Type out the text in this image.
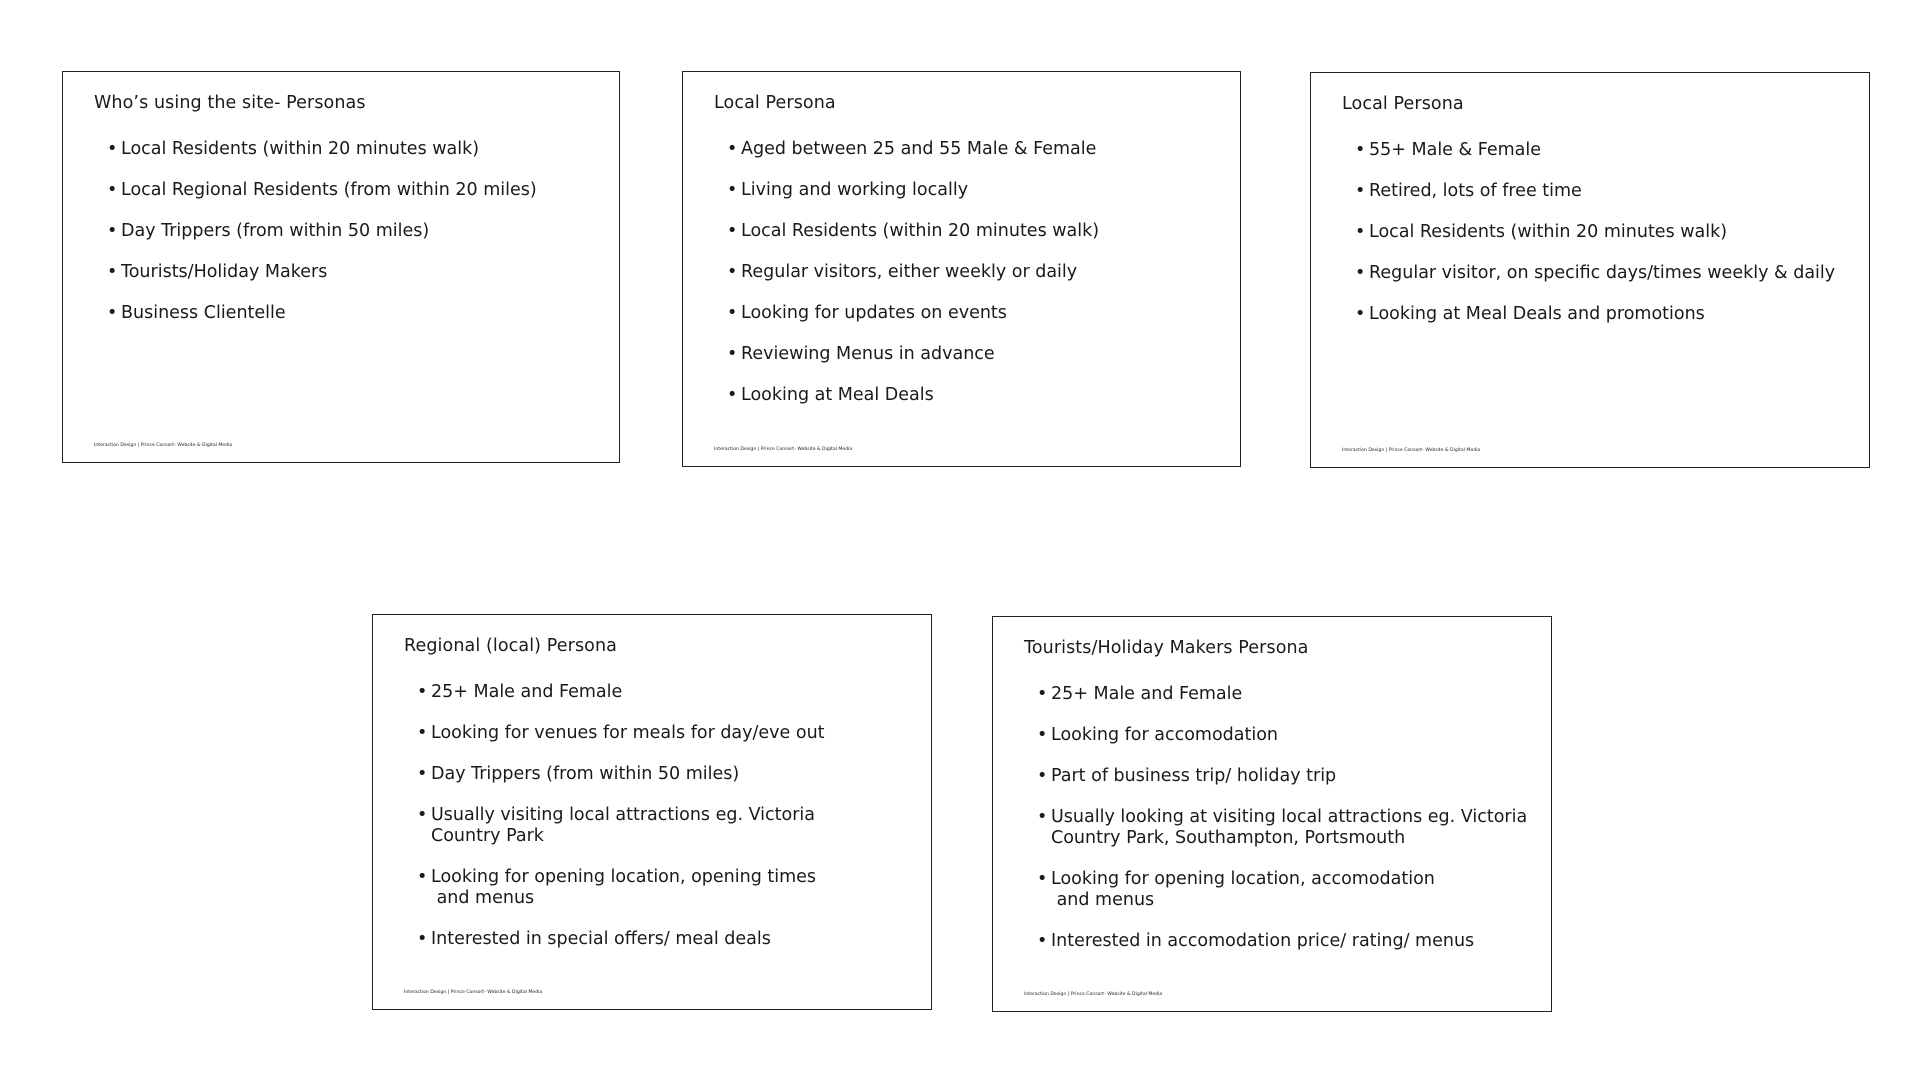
Who’s using the site- Personas
• Local Residents (within 20 minutes walk)
• Local Regional Residents (from within 20 miles)
• Day Trippers (from within 50 miles)
• Tourists/Holiday Makers
• Business Clientelle
Interaction Design | Prince Consort- Website & Digital Media
Local Persona
• Aged between 25 and 55 Male & Female
• Living and working locally
• Local Residents (within 20 minutes walk)
• Regular visitors, either weekly or daily
• Looking for updates on events
• Reviewing Menus in advance
• Looking at Meal Deals
Interaction Design | Prince Consort- Website & Digital Media
Local Persona
• 55+ Male & Female
• Retired, lots of free time
• Local Residents (within 20 minutes walk)
• Regular visitor, on specific days/times weekly & daily
• Looking at Meal Deals and promotions
Interaction Design | Prince Consort- Website & Digital Media
Regional (local) Persona
• 25+ Male and Female
• Looking for venues for meals for day/eve out
• Day Trippers (from within 50 miles)
• Usually visiting local attractions eg. Victoria
Country Park
• Looking for opening location, opening times
and menus
• Interested in special offers/ meal deals
Interaction Design | Prince Consort- Website & Digital Media
Tourists/Holiday Makers Persona
• 25+ Male and Female
• Looking for accomodation
• Part of business trip/ holiday trip
• Usually looking at visiting local attractions eg. Victoria
Country Park, Southampton, Portsmouth
• Looking for opening location, accomodation
and menus
• Interested in accomodation price/ rating/ menus
Interaction Design | Prince Consort- Website & Digital Media
